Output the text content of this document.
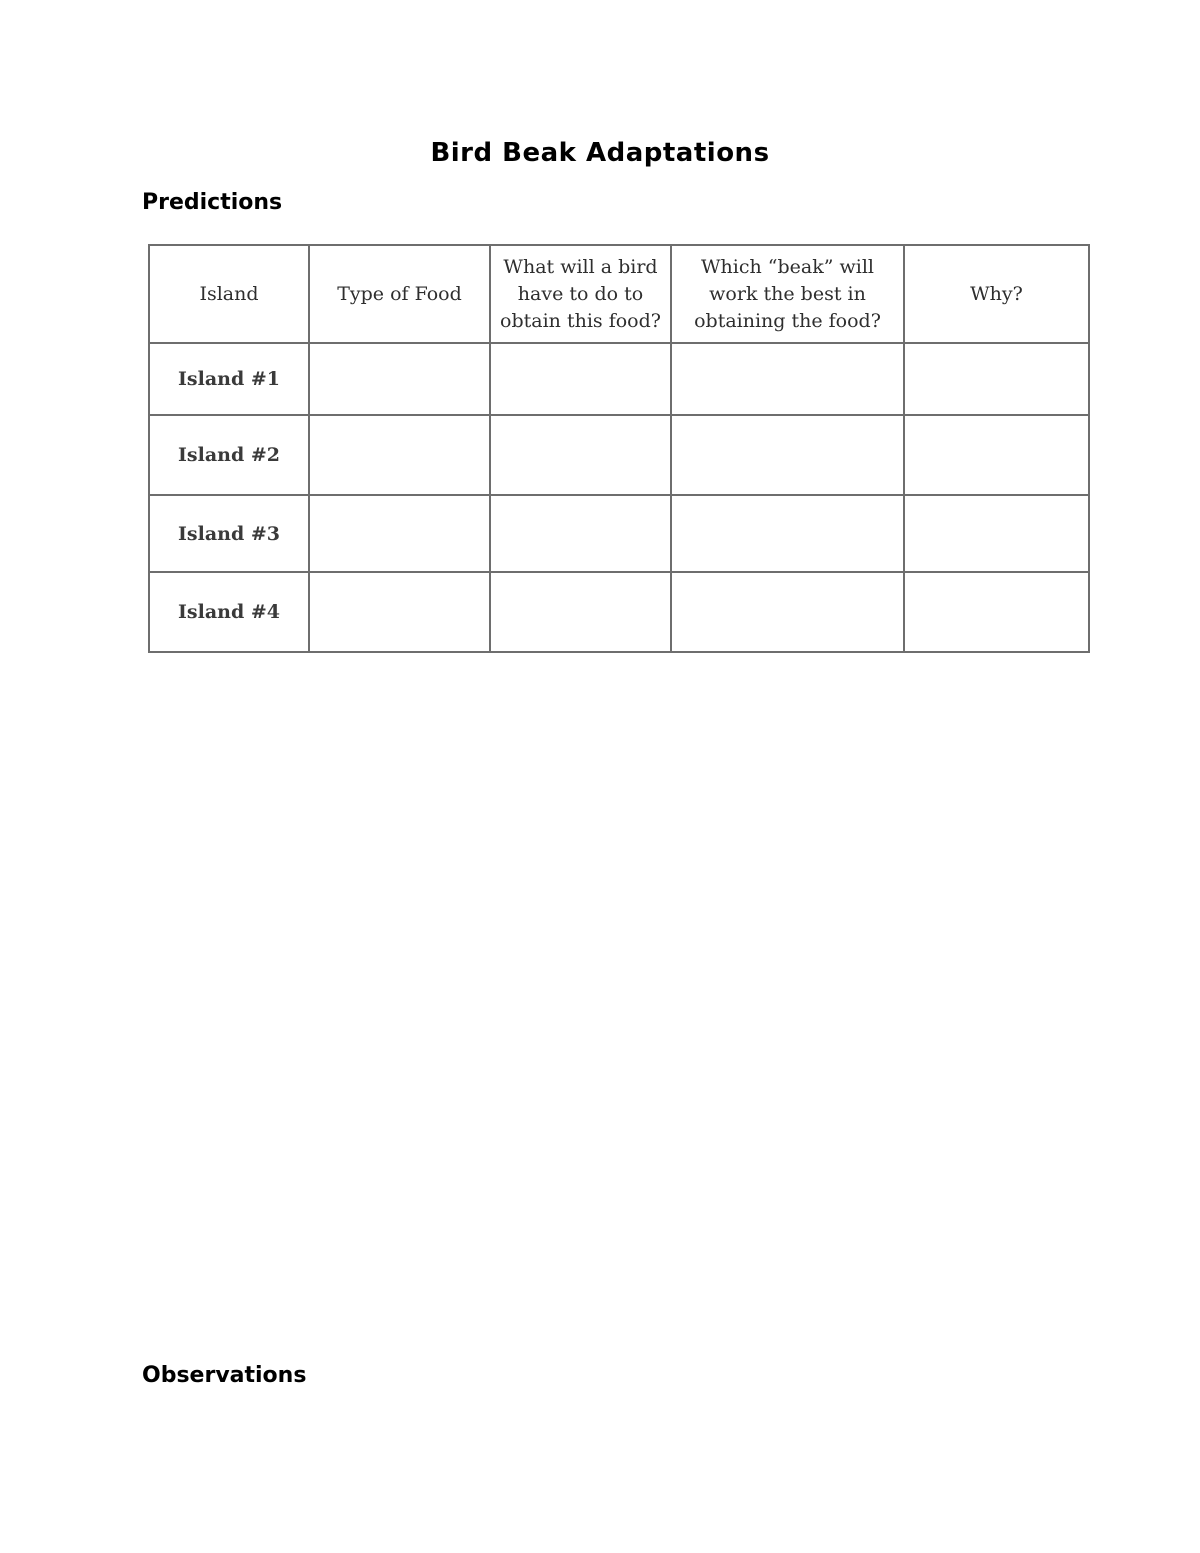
Bird Beak Adaptations
Predictions
Island	Type of Food	What will a bird have to do to obtain this food?	Which “beak” will work the best in obtaining the food?	Why?
Island #1				
Island #2				
Island #3				
Island #4				
Observations
